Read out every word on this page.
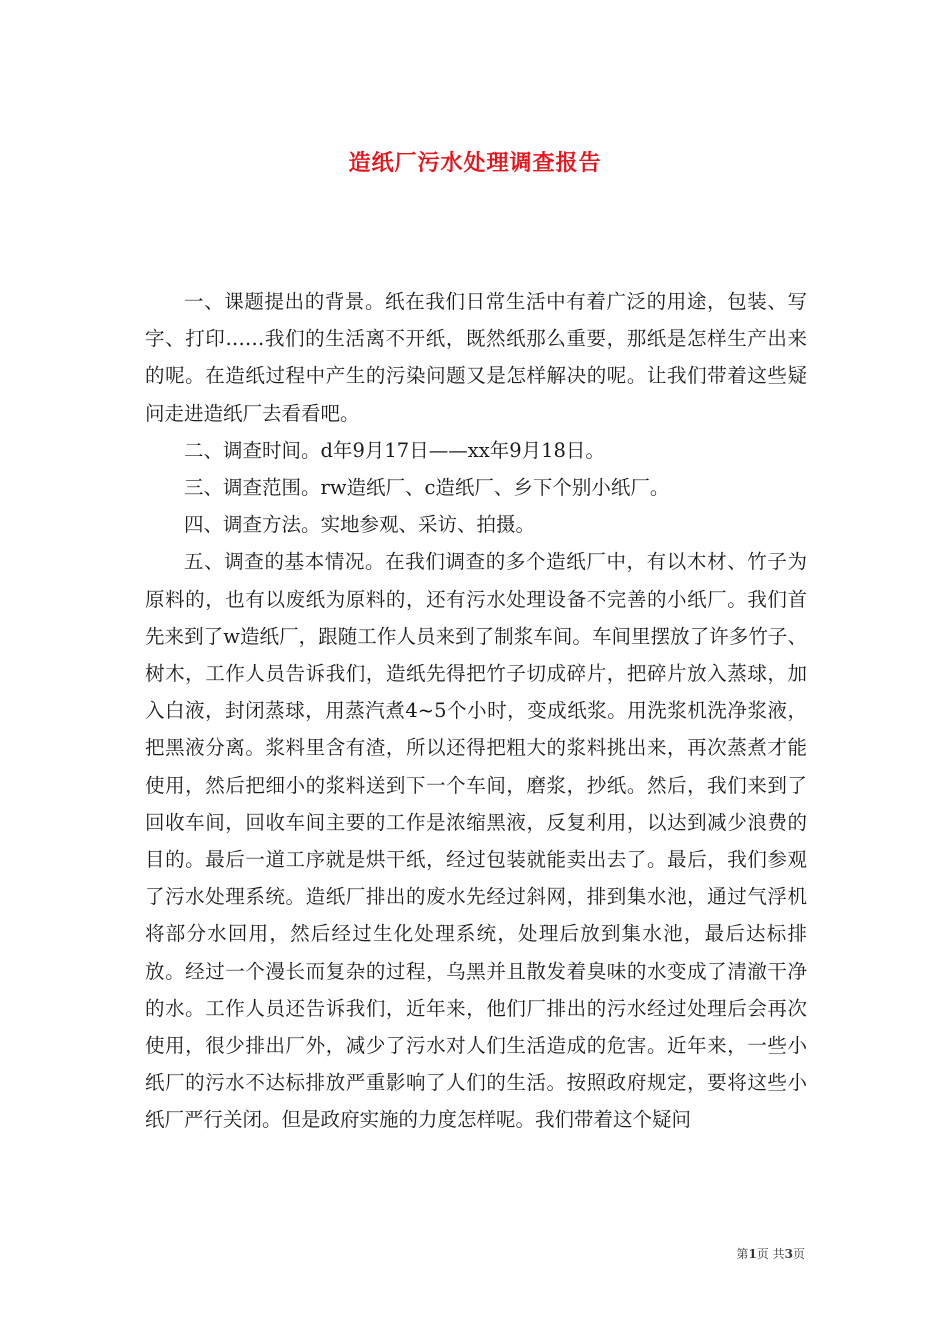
造纸厂污水处理调查报告

一、课题提出的背景。纸在我们日常生活中有着广泛的用途，包装、写字、打印……我们的生活离不开纸，既然纸那么重要，那纸是怎样生产出来的呢。在造纸过程中产生的污染问题又是怎样解决的呢。让我们带着这些疑问走进造纸厂去看看吧。

二、调查时间。d年9月17日——xx年9月18日。

三、调查范围。rw造纸厂、c造纸厂、乡下个别小纸厂。

四、调查方法。实地参观、采访、拍摄。

五、调查的基本情况。在我们调查的多个造纸厂中，有以木材、竹子为原料的，也有以废纸为原料的，还有污水处理设备不完善的小纸厂。我们首先来到了w造纸厂，跟随工作人员来到了制浆车间。车间里摆放了许多竹子、树木，工作人员告诉我们，造纸先得把竹子切成碎片，把碎片放入蒸球，加入白液，封闭蒸球，用蒸汽煮4~5个小时，变成纸浆。用洗浆机洗净浆液，把黑液分离。浆料里含有渣，所以还得把粗大的浆料挑出来，再次蒸煮才能使用，然后把细小的浆料送到下一个车间，磨浆，抄纸。然后，我们来到了回收车间，回收车间主要的工作是浓缩黑液，反复利用，以达到减少浪费的目的。最后一道工序就是烘干纸，经过包装就能卖出去了。最后，我们参观了污水处理系统。造纸厂排出的废水先经过斜网，排到集水池，通过气浮机将部分水回用，然后经过生化处理系统，处理后放到集水池，最后达标排放。经过一个漫长而复杂的过程，乌黑并且散发着臭味的水变成了清澈干净的水。工作人员还告诉我们，近年来，他们厂排出的污水经过处理后会再次使用，很少排出厂外，减少了污水对人们生活造成的危害。近年来，一些小纸厂的污水不达标排放严重影响了人们的生活。按照政府规定，要将这些小纸厂严行关闭。但是政府实施的力度怎样呢。我们带着这个疑问

第1页 共3页
